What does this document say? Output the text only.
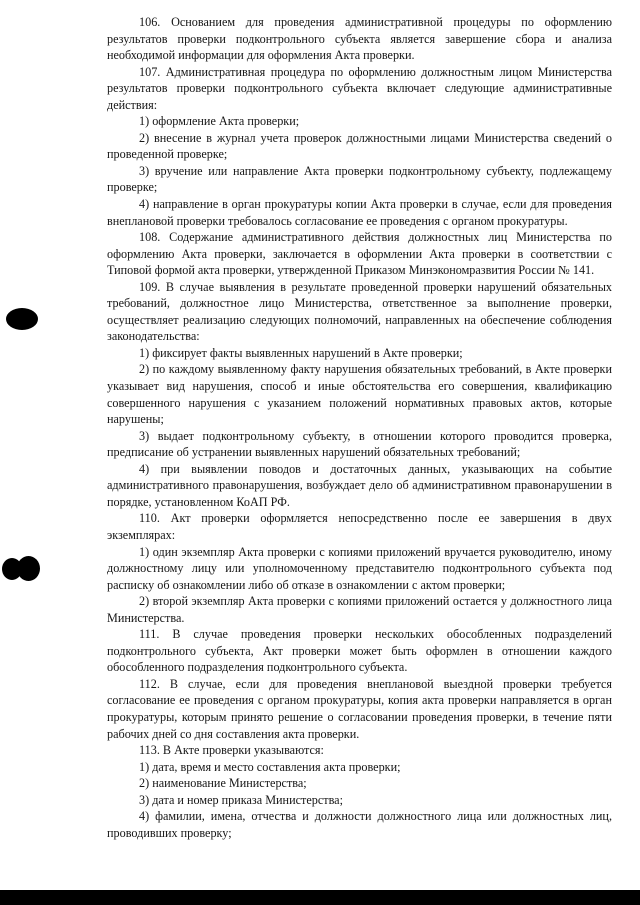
106. Основанием для проведения административной процедуры по оформлению результатов проверки подконтрольного субъекта является завершение сбора и анализа необходимой информации для оформления Акта проверки.

107. Административная процедура по оформлению должностным лицом Министерства результатов проверки подконтрольного субъекта включает следующие административные действия:

1) оформление Акта проверки;

2) внесение в журнал учета проверок должностными лицами Министерства сведений о проведенной проверке;

3) вручение или направление Акта проверки подконтрольному субъекту, подлежащему проверке;

4) направление в орган прокуратуры копии Акта проверки в случае, если для проведения внеплановой проверки требовалось согласование ее проведения с органом прокуратуры.

108. Содержание административного действия должностных лиц Министерства по оформлению Акта проверки, заключается в оформлении Акта проверки в соответствии с Типовой формой акта проверки, утвержденной Приказом Минэкономразвития России № 141.

109. В случае выявления в результате проведенной проверки нарушений обязательных требований, должностное лицо Министерства, ответственное за выполнение проверки, осуществляет реализацию следующих полномочий, направленных на обеспечение соблюдения законодательства:

1) фиксирует факты выявленных нарушений в Акте проверки;

2) по каждому выявленному факту нарушения обязательных требований, в Акте проверки указывает вид нарушения, способ и иные обстоятельства его совершения, квалификацию совершенного нарушения с указанием положений нормативных правовых актов, которые нарушены;

3) выдает подконтрольному субъекту, в отношении которого проводится проверка, предписание об устранении выявленных нарушений обязательных требований;

4) при выявлении поводов и достаточных данных, указывающих на событие административного правонарушения, возбуждает дело об административном правонарушении в порядке, установленном КоАП РФ.

110. Акт проверки оформляется непосредственно после ее завершения в двух экземплярах:

1) один экземпляр Акта проверки с копиями приложений вручается руководителю, иному должностному лицу или уполномоченному представителю подконтрольного субъекта под расписку об ознакомлении либо об отказе в ознакомлении с актом проверки;

2) второй экземпляр Акта проверки с копиями приложений остается у должностного лица Министерства.

111. В случае проведения проверки нескольких обособленных подразделений подконтрольного субъекта, Акт проверки может быть оформлен в отношении каждого обособленного подразделения подконтрольного субъекта.

112. В случае, если для проведения внеплановой выездной проверки требуется согласование ее проведения с органом прокуратуры, копия акта проверки направляется в орган прокуратуры, которым принято решение о согласовании проведения проверки, в течение пяти рабочих дней со дня составления акта проверки.

113. В Акте проверки указываются:

1) дата, время и место составления акта проверки;

2) наименование Министерства;

3) дата и номер приказа Министерства;

4) фамилии, имена, отчества и должности должностного лица или должностных лиц, проводивших проверку;
